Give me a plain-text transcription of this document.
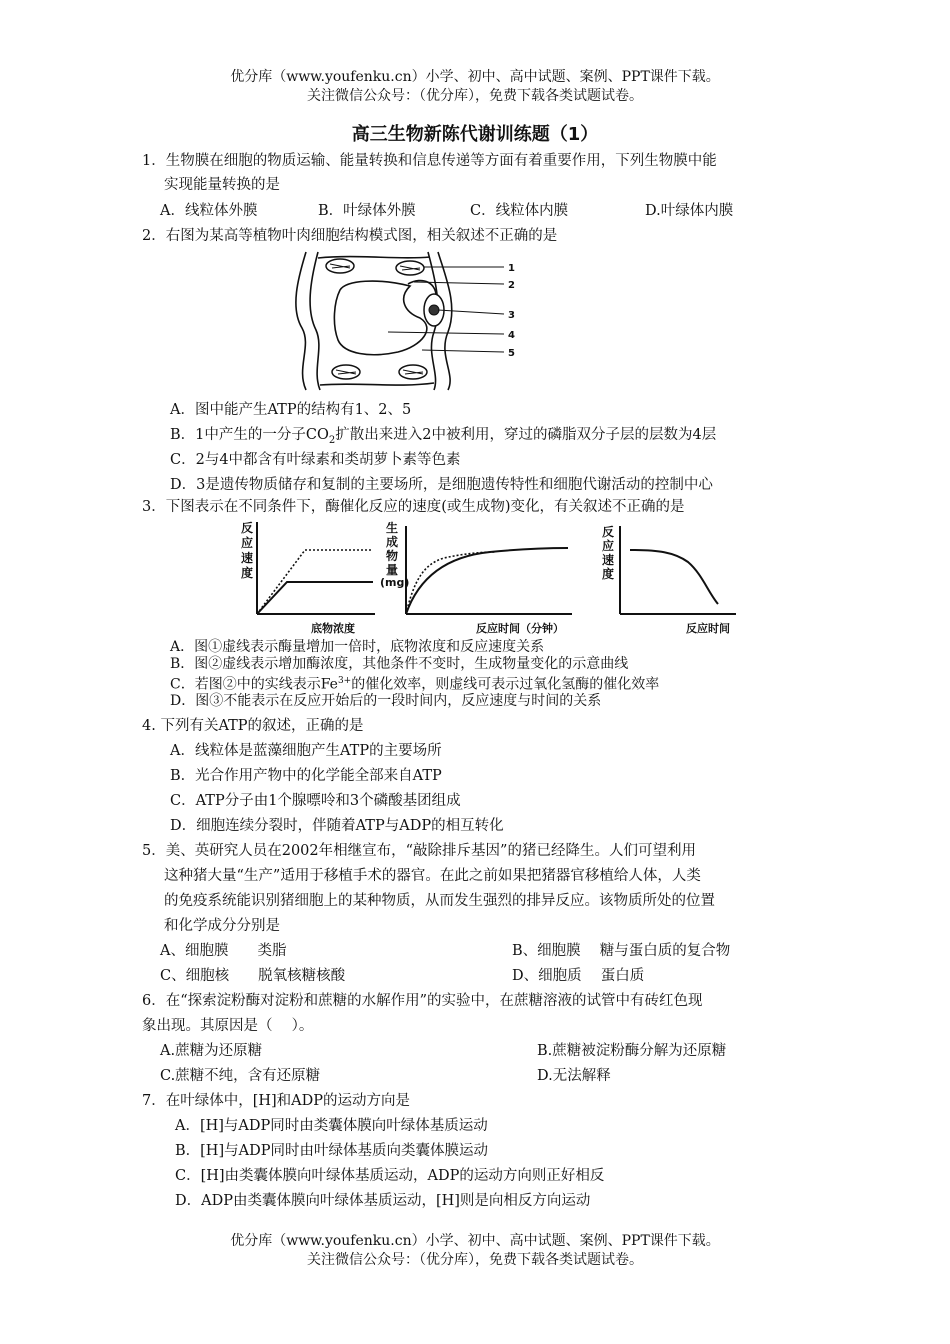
优分库（www.youfenku.cn）小学、初中、高中试题、案例、PPT课件下载。
关注微信公众号：（优分库），免费下载各类试题试卷。
高三生物新陈代谢训练题（1）
1．生物膜在细胞的物质运输、能量转换和信息传递等方面有着重要作用，下列生物膜中能
实现能量转换的是
A．线粒体外膜	B．叶绿体外膜	C．线粒体内膜	D.叶绿体内膜
2．右图为某高等植物叶肉细胞结构模式图，相关叙述不正确的是
1
2
3
4
5
A．图中能产生ATP的结构有1、2、5
B．1中产生的一分子$CO_2$扩散出来进入2中被利用，穿过的磷脂双分子层的层数为4层
C．2与4中都含有叶绿素和类胡萝卜素等色素
D．3是遗传物质储存和复制的主要场所，是细胞遗传特性和细胞代谢活动的控制中心
3．下图表示在不同条件下，酶催化反应的速度(或生成物)变化，有关叙述不正确的是
反
应
速
度
底物浓度
生
成
物
量
(mg)
反应时间（分钟）
反
应
速
度
反应时间
A．图①虚线表示酶量增加一倍时，底物浓度和反应速度关系
B．图②虚线表示增加酶浓度，其他条件不变时，生成物量变化的示意曲线
C．若图②中的实线表示$Fe^{3+}$的催化效率，则虚线可表示过氧化氢酶的催化效率
D．图③不能表示在反应开始后的一段时间内，反应速度与时间的关系
4. 下列有关ATP的叙述，正确的是
A．线粒体是蓝藻细胞产生ATP的主要场所
B．光合作用产物中的化学能全部来自ATP
C．ATP分子由1个腺嘌呤和3个磷酸基团组成
D．细胞连续分裂时，伴随着ATP与ADP的相互转化
5．美、英研究人员在2002年相继宣布，“敲除排斥基因”的猪已经降生。人们可望利用
这种猪大量“生产”适用于移植手术的器官。在此之前如果把猪器官移植给人体，人类
的免疫系统能识别猪细胞上的某种物质，从而发生强烈的排异反应。该物质所处的位置
和化学成分分别是
A、细胞膜　　类脂	B、细胞膜　 糖与蛋白质的复合物
C、细胞核　　脱氧核糖核酸	D、细胞质　 蛋白质
6．在“探索淀粉酶对淀粉和蔗糖的水解作用”的实验中，在蔗糖溶液的试管中有砖红色现
象出现。其原因是（　 ）。
A.蔗糖为还原糖	B.蔗糖被淀粉酶分解为还原糖
C.蔗糖不纯，含有还原糖	D.无法解释
7．在叶绿体中，[H]和ADP的运动方向是
A．[H]与ADP同时由类囊体膜向叶绿体基质运动
B．[H]与ADP同时由叶绿体基质向类囊体膜运动
C．[H]由类囊体膜向叶绿体基质运动，ADP的运动方向则正好相反
D．ADP由类囊体膜向叶绿体基质运动，[H]则是向相反方向运动
优分库（www.youfenku.cn）小学、初中、高中试题、案例、PPT课件下载。
关注微信公众号：（优分库），免费下载各类试题试卷。
